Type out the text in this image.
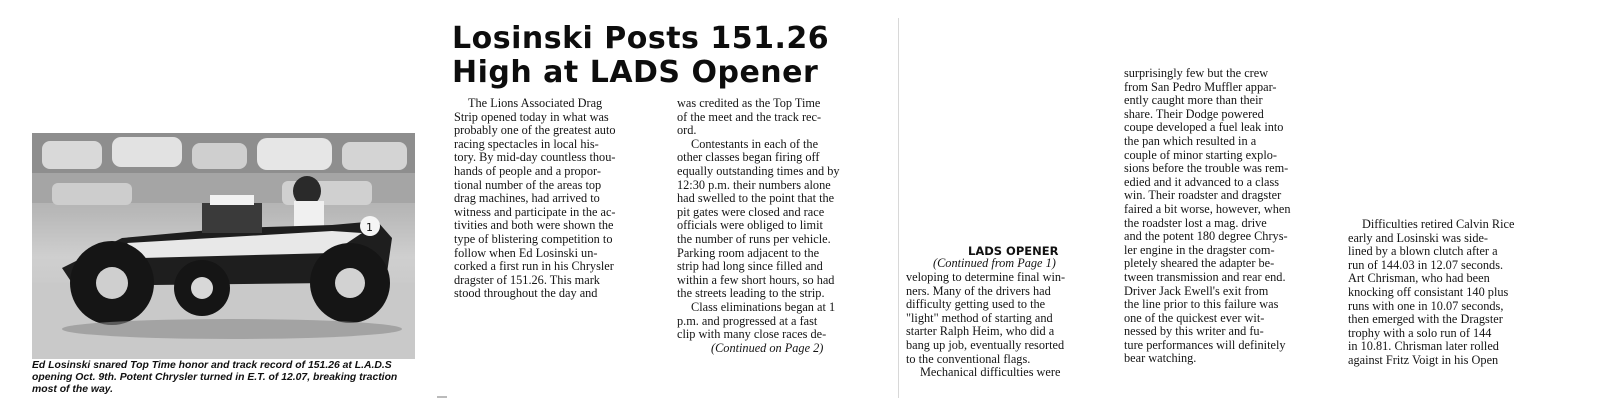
1
Ed Losinski snared Top Time honor and track record of 151.26 at L.A.D.S
opening Oct. 9th. Potent Chrysler turned in E.T. of 12.07, breaking traction
most of the way.
Losinski Posts 151.26
High at LADS Opener
The Lions Associated Drag
Strip opened today in what was
probably one of the greatest auto
racing spectacles in local his-
tory. By mid-day countless thou-
hands of people and a propor-
tional number of the areas top
drag machines, had arrived to
witness and participate in the ac-
tivities and both were shown the
type of blistering competition to
follow when Ed Losinski un-
corked a first run in his Chrysler
dragster of 151.26. This mark
stood throughout the day and
was credited as the Top Time
of the meet and the track rec-
ord.
Contestants in each of the
other classes began firing off
equally outstanding times and by
12:30 p.m. their numbers alone
had swelled to the point that the
pit gates were closed and race
officials were obliged to limit
the number of runs per vehicle.
Parking room adjacent to the
strip had long since filled and
within a few short hours, so had
the streets leading to the strip.
Class eliminations began at 1
p.m. and progressed at a fast
clip with many close races de-
(Continued on Page 2)
LADS OPENER
(Continued from Page 1)
veloping to determine final win-
ners. Many of the drivers had
difficulty getting used to the
"light" method of starting and
starter Ralph Heim, who did a
bang up job, eventually resorted
to the conventional flags.
Mechanical difficulties were
surprisingly few but the crew
from San Pedro Muffler appar-
ently caught more than their
share. Their Dodge powered
coupe developed a fuel leak into
the pan which resulted in a
couple of minor starting explo-
sions before the trouble was rem-
edied and it advanced to a class
win. Their roadster and dragster
faired a bit worse, however, when
the roadster lost a mag. drive
and the potent 180 degree Chrys-
ler engine in the dragster com-
pletely sheared the adapter be-
tween transmission and rear end.
Driver Jack Ewell's exit from
the line prior to this failure was
one of the quickest ever wit-
nessed by this writer and fu-
ture performances will definitely
bear watching.
Difficulties retired Calvin Rice
early and Losinski was side-
lined by a blown clutch after a
run of 144.03 in 12.07 seconds.
Art Chrisman, who had been
knocking off consistant 140 plus
runs with one in 10.07 seconds,
then emerged with the Dragster
trophy with a solo run of 144
in 10.81. Chrisman later rolled
against Fritz Voigt in his Open
